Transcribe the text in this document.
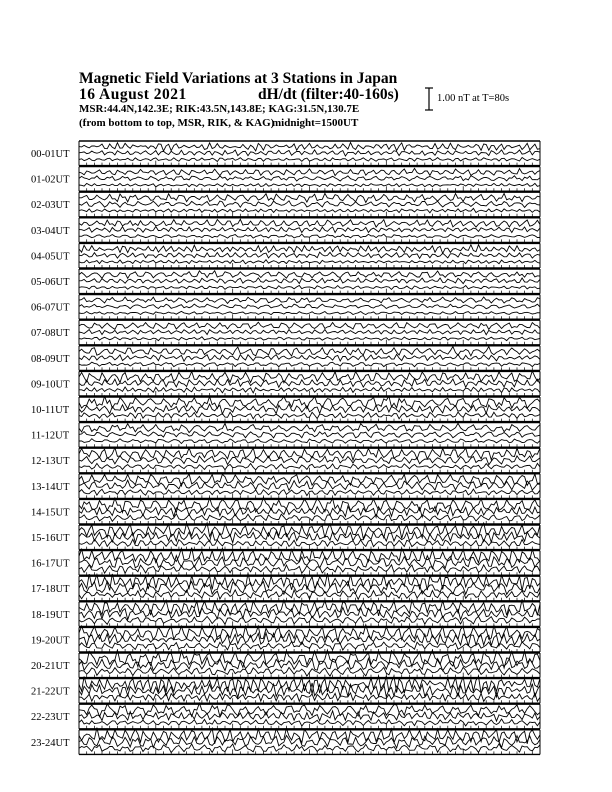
Magnetic Field Variations at 3 Stations in Japan
16 August 2021	dH/dt (filter:40-160s)
MSR:44.4N,142.3E; RIK:43.5N,143.8E; KAG:31.5N,130.7E
(from bottom to top, MSR, RIK, & KAG)
midnight=1500UT
1.00 nT at T=80s
00-01UT
01-02UT
02-03UT
03-04UT
04-05UT
05-06UT
06-07UT
07-08UT
08-09UT
09-10UT
10-11UT
11-12UT
12-13UT
13-14UT
14-15UT
15-16UT
16-17UT
17-18UT
18-19UT
19-20UT
20-21UT
21-22UT
22-23UT
23-24UT
